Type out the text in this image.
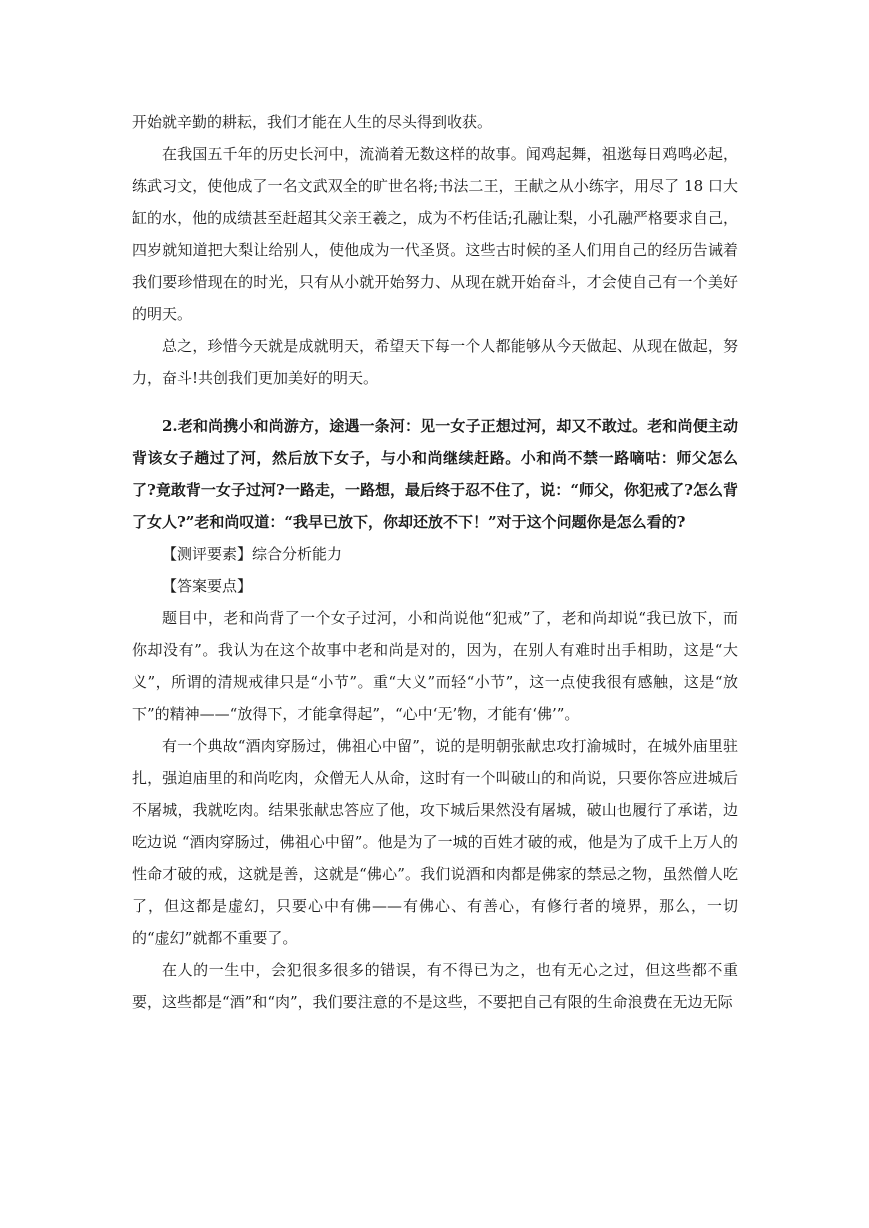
开始就辛勤的耕耘，我们才能在人生的尽头得到收获。

在我国五千年的历史长河中，流淌着无数这样的故事。闻鸡起舞，祖逖每日鸡鸣必起，练武习文，使他成了一名文武双全的旷世名将;书法二王，王献之从小练字，用尽了 18 口大缸的水，他的成绩甚至赶超其父亲王羲之，成为不朽佳话;孔融让梨，小孔融严格要求自己，四岁就知道把大梨让给别人，使他成为一代圣贤。这些古时候的圣人们用自己的经历告诫着我们要珍惜现在的时光，只有从小就开始努力、从现在就开始奋斗，才会使自己有一个美好的明天。

总之，珍惜今天就是成就明天，希望天下每一个人都能够从今天做起、从现在做起，努力，奋斗!共创我们更加美好的明天。

2.老和尚携小和尚游方，途遇一条河：见一女子正想过河，却又不敢过。老和尚便主动背该女子趟过了河，然后放下女子，与小和尚继续赶路。小和尚不禁一路嘀咕：师父怎么了?竟敢背一女子过河?一路走，一路想，最后终于忍不住了，说：“师父，你犯戒了?怎么背了女人?”老和尚叹道：“我早已放下，你却还放不下！”对于这个问题你是怎么看的?

【测评要素】综合分析能力

【答案要点】

题目中，老和尚背了一个女子过河，小和尚说他“犯戒”了，老和尚却说“我已放下，而你却没有”。我认为在这个故事中老和尚是对的，因为，在别人有难时出手相助，这是“大义”，所谓的清规戒律只是“小节”。重“大义”而轻“小节”，这一点使我很有感触，这是“放下”的精神——“放得下，才能拿得起”，“心中‘无’物，才能有‘佛’”。

有一个典故“酒肉穿肠过，佛祖心中留”，说的是明朝张献忠攻打渝城时，在城外庙里驻扎，强迫庙里的和尚吃肉，众僧无人从命，这时有一个叫破山的和尚说，只要你答应进城后不屠城，我就吃肉。结果张献忠答应了他，攻下城后果然没有屠城，破山也履行了承诺，边吃边说 “酒肉穿肠过，佛祖心中留”。他是为了一城的百姓才破的戒，他是为了成千上万人的性命才破的戒，这就是善，这就是“佛心”。我们说酒和肉都是佛家的禁忌之物，虽然僧人吃了，但这都是虚幻，只要心中有佛——有佛心、有善心，有修行者的境界，那么，一切的“虚幻”就都不重要了。

在人的一生中，会犯很多很多的错误，有不得已为之，也有无心之过，但这些都不重要，这些都是“酒”和“肉”，我们要注意的不是这些，不要把自己有限的生命浪费在无边无际
